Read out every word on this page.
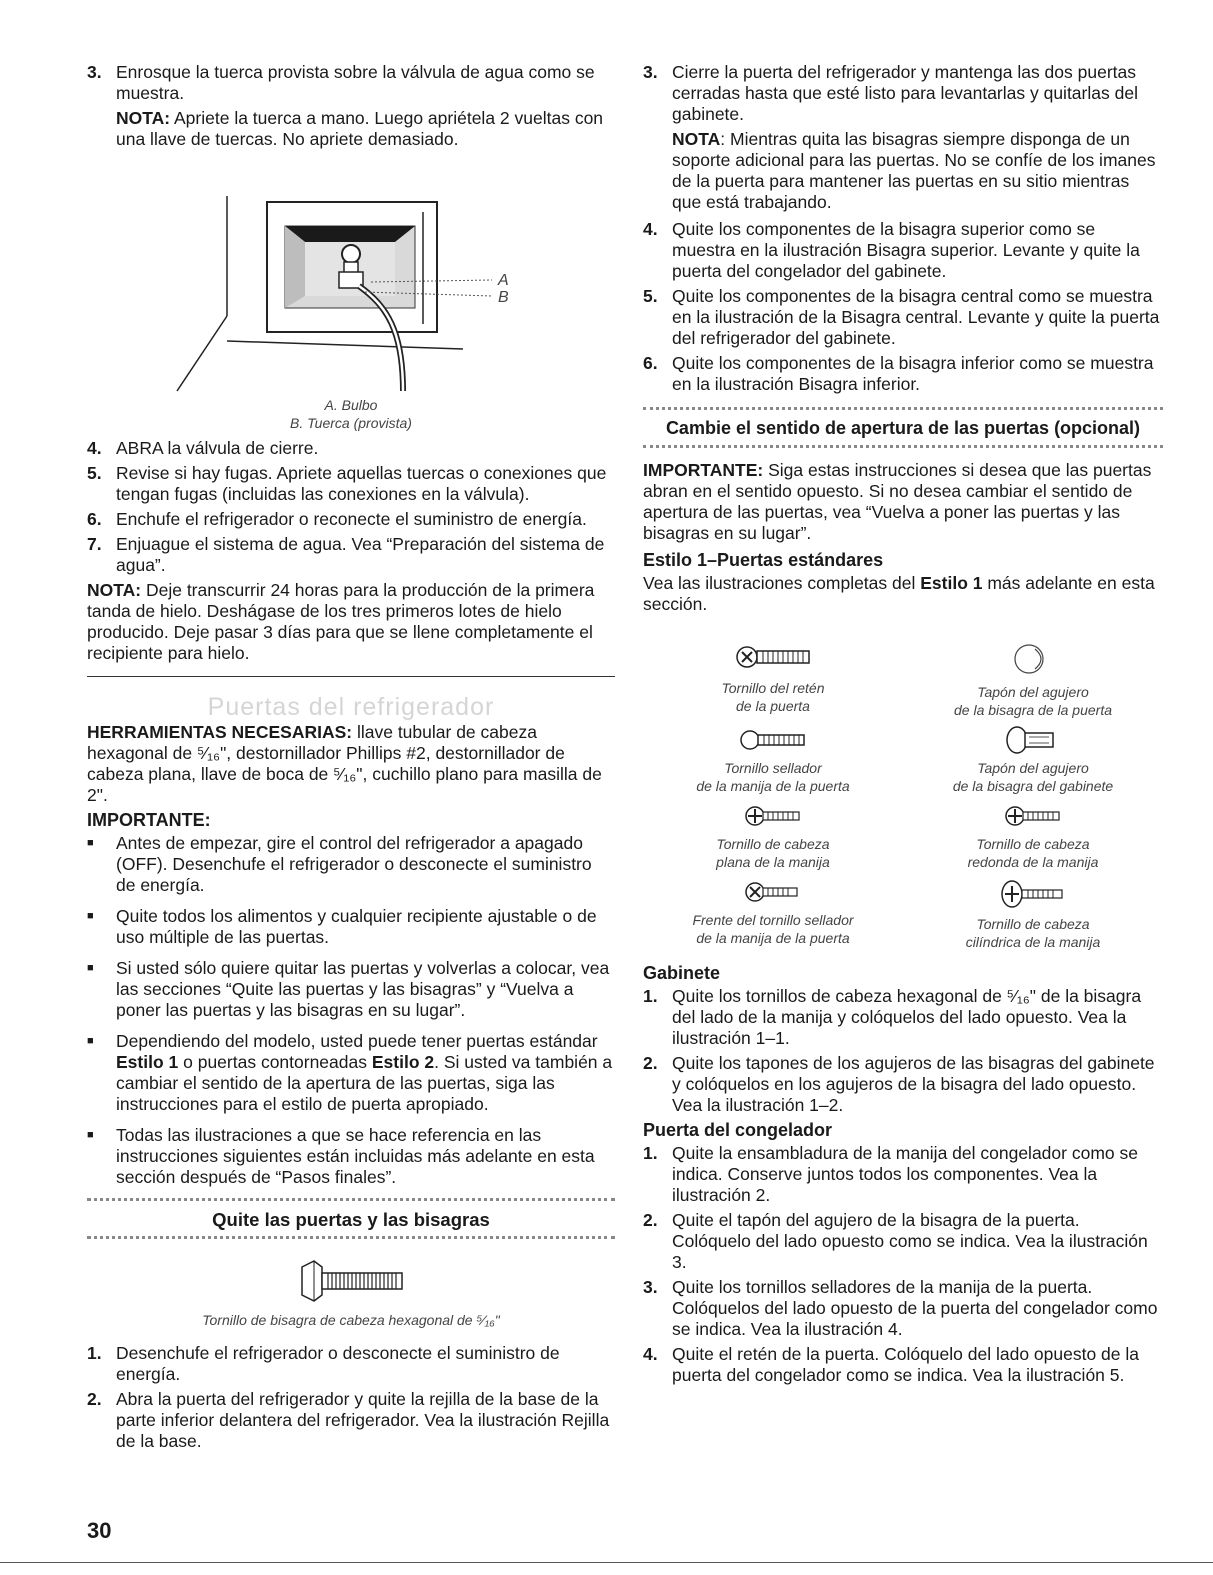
3. Enrosque la tuerca provista sobre la válvula de agua como se muestra.

NOTA: Apriete la tuerca a mano. Luego apriétela 2 vueltas con una llave de tuercas. No apriete demasiado.

A
B
A. Bulbo
B. Tuerca (provista)
4. ABRA la válvula de cierre.
5. Revise si hay fugas. Apriete aquellas tuercas o conexiones que tengan fugas (incluidas las conexiones en la válvula).
6. Enchufe el refrigerador o reconecte el suministro de energía.
7. Enjuague el sistema de agua. Vea “Preparación del sistema de agua”.

NOTA: Deje transcurrir 24 horas para la producción de la primera tanda de hielo. Deshágase de los tres primeros lotes de hielo producido. Deje pasar 3 días para que se llene completamente el recipiente para hielo.

Puertas del refrigerador

HERRAMIENTAS NECESARIAS: llave tubular de cabeza hexagonal de ⁵⁄₁₆", destornillador Phillips #2, destornillador de cabeza plana, llave de boca de ⁵⁄₁₆", cuchillo plano para masilla de 2".

IMPORTANTE:
■	Antes de empezar, gire el control del refrigerador a apagado (OFF). Desenchufe el refrigerador o desconecte el suministro de energía.
■	Quite todos los alimentos y cualquier recipiente ajustable o de uso múltiple de las puertas.
■	Si usted sólo quiere quitar las puertas y volverlas a colocar, vea las secciones “Quite las puertas y las bisagras” y “Vuelva a poner las puertas y las bisagras en su lugar”.
■	Dependiendo del modelo, usted puede tener puertas estándar Estilo 1 o puertas contorneadas Estilo 2. Si usted va también a cambiar el sentido de la apertura de las puertas, siga las instrucciones para el estilo de puerta apropiado.
■	Todas las ilustraciones a que se hace referencia en las instrucciones siguientes están incluidas más adelante en esta sección después de “Pasos finales”.
Quite las puertas y las bisagras
Tornillo de bisagra de cabeza hexagonal de ⁵⁄₁₆"
1. Desenchufe el refrigerador o desconecte el suministro de energía.
2. Abra la puerta del refrigerador y quite la rejilla de la base de la parte inferior delantera del refrigerador. Vea la ilustración Rejilla de la base.
3. Cierre la puerta del refrigerador y mantenga las dos puertas cerradas hasta que esté listo para levantarlas y quitarlas del gabinete.

NOTA: Mientras quita las bisagras siempre disponga de un soporte adicional para las puertas. No se confíe de los imanes de la puerta para mantener las puertas en su sitio mientras que está trabajando.

4. Quite los componentes de la bisagra superior como se muestra en la ilustración Bisagra superior. Levante y quite la puerta del congelador del gabinete.
5. Quite los componentes de la bisagra central como se muestra en la ilustración de la Bisagra central. Levante y quite la puerta del refrigerador del gabinete.
6. Quite los componentes de la bisagra inferior como se muestra en la ilustración Bisagra inferior.
Cambie el sentido de apertura de las puertas (opcional)

IMPORTANTE: Siga estas instrucciones si desea que las puertas abran en el sentido opuesto. Si no desea cambiar el sentido de apertura de las puertas, vea “Vuelva a poner las puertas y las bisagras en su lugar”.

Estilo 1–Puertas estándares

Vea las ilustraciones completas del Estilo 1 más adelante en esta sección.

Tornillo del retén
de la puerta
Tapón del agujero
de la bisagra de la puerta
Tornillo sellador
de la manija de la puerta
Tapón del agujero
de la bisagra del gabinete
Tornillo de cabeza
plana de la manija
Tornillo de cabeza
redonda de la manija
Frente del tornillo sellador
de la manija de la puerta
Tornillo de cabeza
cilíndrica de la manija
Gabinete
1. Quite los tornillos de cabeza hexagonal de ⁵⁄₁₆" de la bisagra del lado de la manija y colóquelos del lado opuesto. Vea la ilustración 1–1.
2. Quite los tapones de los agujeros de las bisagras del gabinete y colóquelos en los agujeros de la bisagra del lado opuesto. Vea la ilustración 1–2.
Puerta del congelador
1. Quite la ensambladura de la manija del congelador como se indica. Conserve juntos todos los componentes. Vea la ilustración 2.
2. Quite el tapón del agujero de la bisagra de la puerta. Colóquelo del lado opuesto como se indica. Vea la ilustración 3.
3. Quite los tornillos selladores de la manija de la puerta. Colóquelos del lado opuesto de la puerta del congelador como se indica. Vea la ilustración 4.
4. Quite el retén de la puerta. Colóquelo del lado opuesto de la puerta del congelador como se indica. Vea la ilustración 5.
30
